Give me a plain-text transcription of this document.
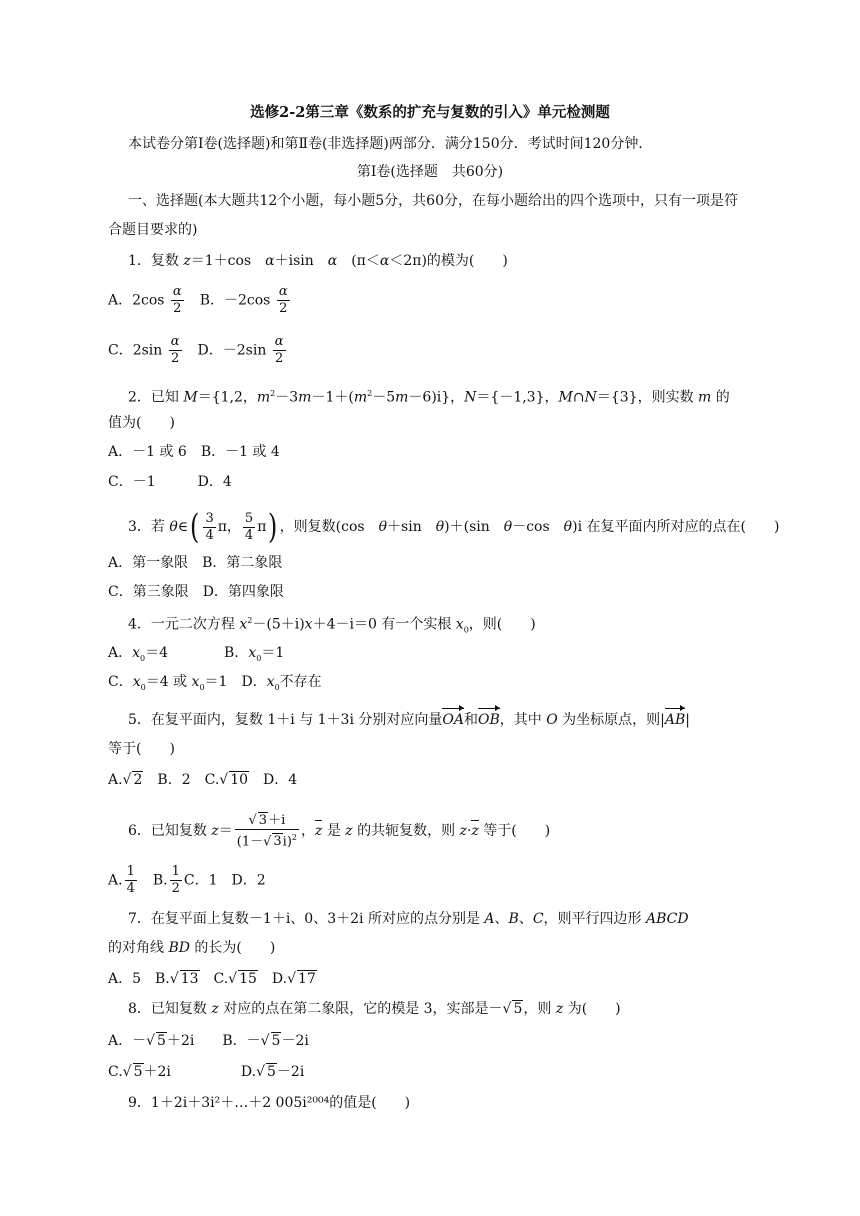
选修2-2第三章《数系的扩充与复数的引入》单元检测题
本试卷分第Ⅰ卷(选择题)和第Ⅱ卷(非选择题)两部分．满分150分．考试时间120分钟．
第Ⅰ卷(选择题　共60分)
一、选择题(本大题共12个小题，每小题5分，共60分，在每小题给出的四个选项中，只有一项是符
合题目要求的)
1．复数 z＝1＋cos　α＋isin　α　(π＜α＜2π)的模为(　　)
A．$2\cos \frac{\alpha}{2}$ 　B．$-2\cos \frac{\alpha}{2}$
C．$2\sin \frac{\alpha}{2}$ 　D．$-2\sin \frac{\alpha}{2}$
2．已知 M＝{1,2，$m^2-3m-1+(m^2-5m-6)i$}，N＝{－1,3}，M∩N＝{3}，则实数 m 的
值为(　　)
A．－1 或 6　B．－1 或 4
C．－1　　　D．4
3．若 θ∈( $\frac{3}{4}$ π， $\frac{5}{4} \pi$) ，则复数(cos　θ＋sin　θ)＋(sin　θ－cos　θ)i 在复平面内所对应的点在(　　)
A．第一象限　B．第二象限
C．第三象限　D．第四象限
4．一元二次方程 $x^2-(5+i)x+4-i=0$ 有一个实根 $x_0$，则(　　)
A．$x_0=4$　　　　B．$x_0=1$
C．$x_0=4$ 或 $x_0=1$　D．$x_0$不存在
5．在复平面内，复数 1＋i 与 1＋3i 分别对应向量OA和OB，其中 O 为坐标原点，则|AB|
等于(　　)
A.√ 2　B．2　C.√ 10　D．4
6．已知复数 $z= \frac{√ 3+i}{(1-√ 3i)^2}$ ，z 是 z 的共轭复数，则 z·z 等于(　　)
A. $\frac{1}{4}$ 　B. $\frac{1}{2}$ C．1　D．2
7．在复平面上复数－1＋i、0、3＋2i 所对应的点分别是 A、B、C，则平行四边形 ABCD
的对角线 BD 的长为(　　)
A．5　B.√ 13　C.√ 15　D.√ 17
8．已知复数 z 对应的点在第二象限，它的模是 3，实部是－√ 5，则 z 为(　　)
A．－√ 5＋2i　　B．－√ 5－2i
C.√ 5＋2i　　　　　D.√ 5－2i
9．1＋2i＋3i²＋…＋2 005i²⁰⁰⁴的值是(　　)
